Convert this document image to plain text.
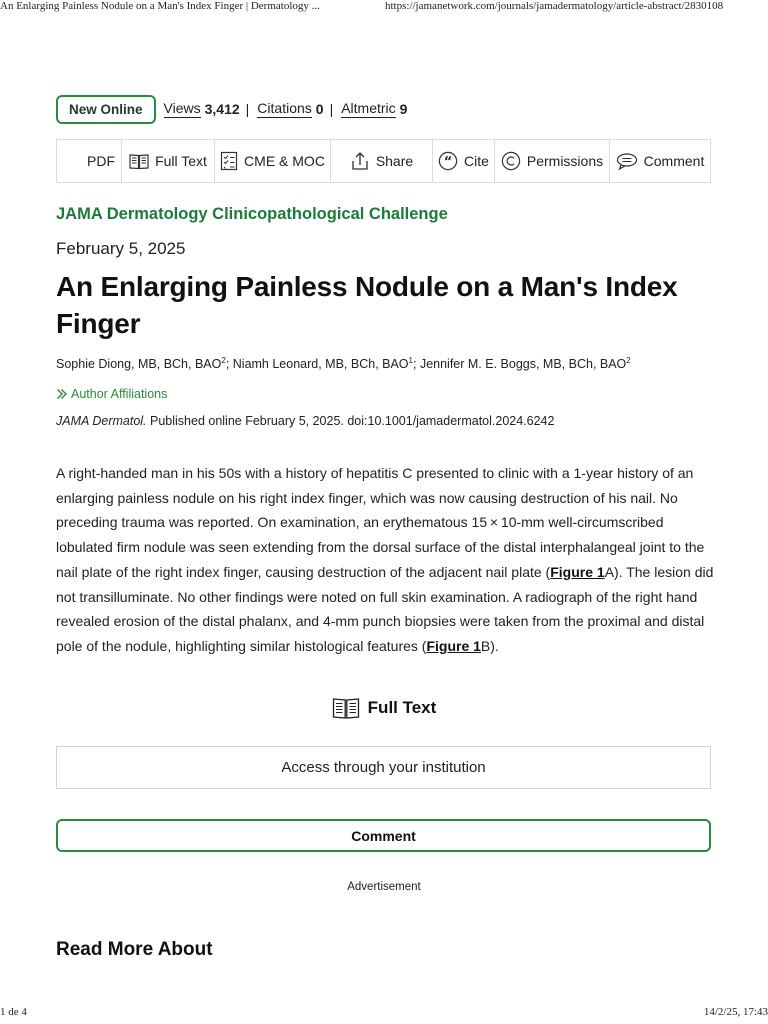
An Enlarging Painless Nodule on a Man's Index Finger | Dermatology ...	https://jamanetwork.com/journals/jamadermatology/article-abstract/2830108
New Online	Views 3,412 | Citations 0 | Altmetric 9
PDF	Full Text	CME & MOC	Share “ Cite	Permissions	Comment
JAMA Dermatology Clinicopathological Challenge
February 5, 2025
An Enlarging Painless Nodule on a Man's Index Finger
Sophie Diong, MB, BCh, BAO$^2$; Niamh Leonard, MB, BCh, BAO$^1$; Jennifer M. E. Boggs, MB, BCh, BAO$^2$
Author Affiliations
JAMA Dermatol. Published online February 5, 2025. doi:10.1001/jamadermatol.2024.6242

A right-handed man in his 50s with a history of hepatitis C presented to clinic with a 1-year history of an enlarging painless nodule on his right index finger, which was now causing destruction of his nail. No preceding trauma was reported. On examination, an erythematous 15 × 10-mm well-circumscribed lobulated firm nodule was seen extending from the dorsal surface of the distal interphalangeal joint to the nail plate of the right index finger, causing destruction of the adjacent nail plate (Figure 1A). The lesion did not transilluminate. No other findings were noted on full skin examination. A radiograph of the right hand revealed erosion of the distal phalanx, and 4-mm punch biopsies were taken from the proximal and distal pole of the nodule, highlighting similar histological features (Figure 1B).

Full Text
Access through your institution
Comment
Advertisement
Read More About
1 de 4	14/2/25, 17:43
